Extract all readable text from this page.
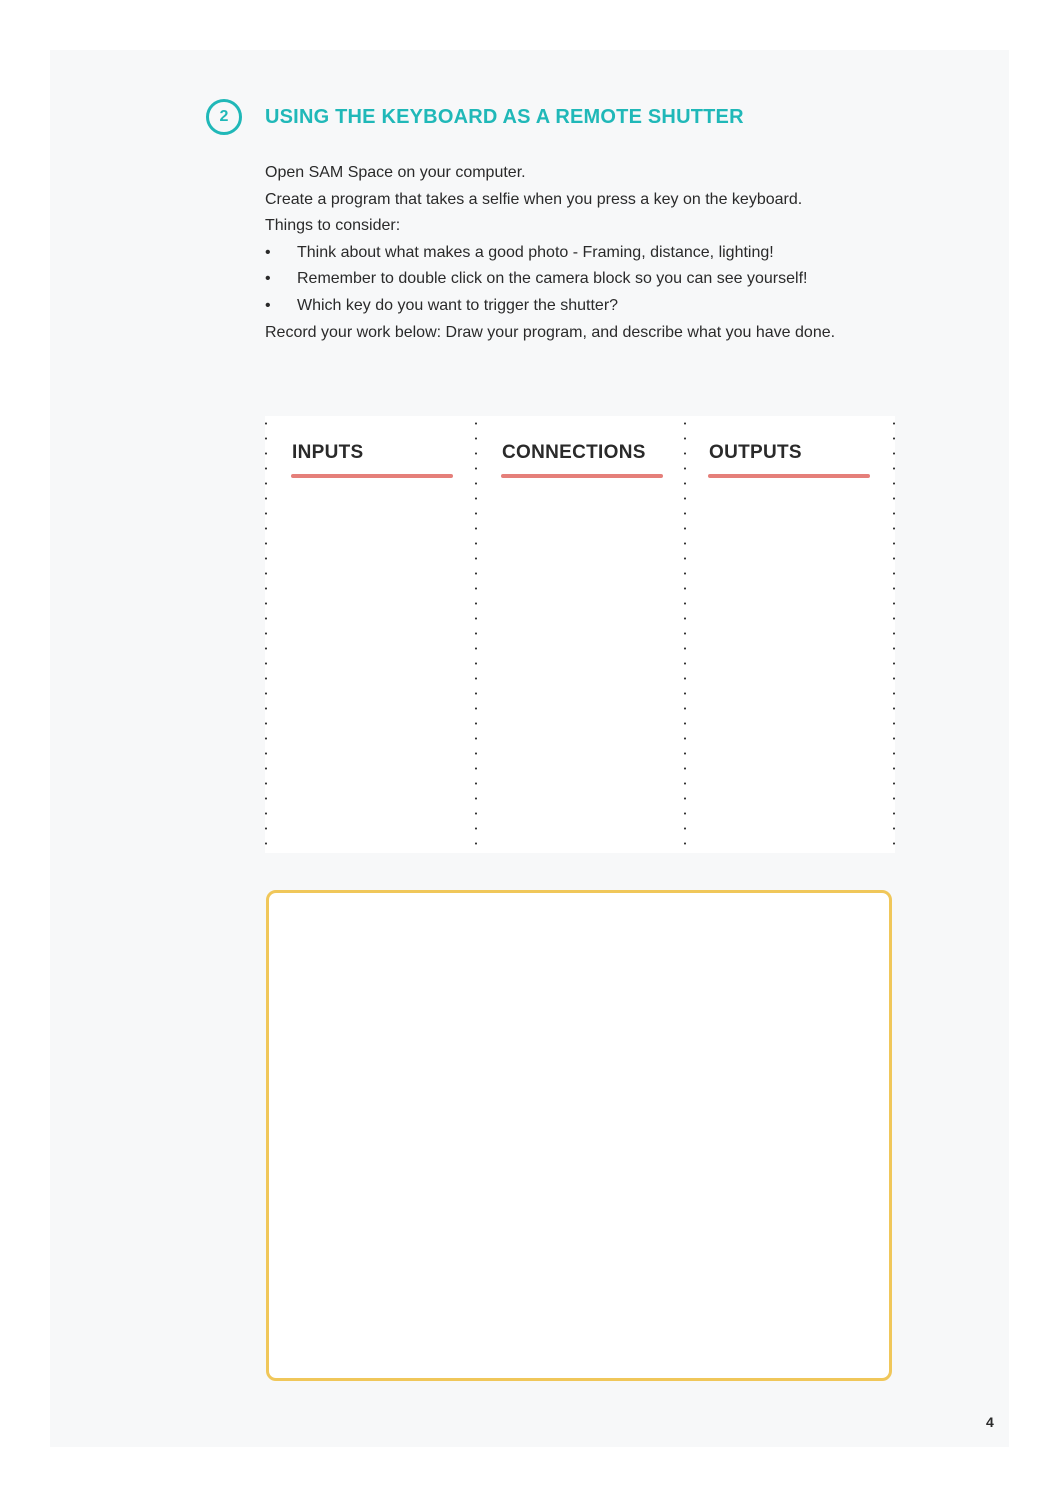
2	USING THE KEYBOARD AS A REMOTE SHUTTER

Open SAM Space on your computer.

Create a program that takes a selfie when you press a key on the keyboard.

Things to consider:

• Think about what makes a good photo - Framing, distance, lighting!
• Remember to double click on the camera block so you can see yourself!
• Which key do you want to trigger the shutter?

Record your work below: Draw your program, and describe what you have done.

INPUTS	CONNECTIONS	OUTPUTS
4
